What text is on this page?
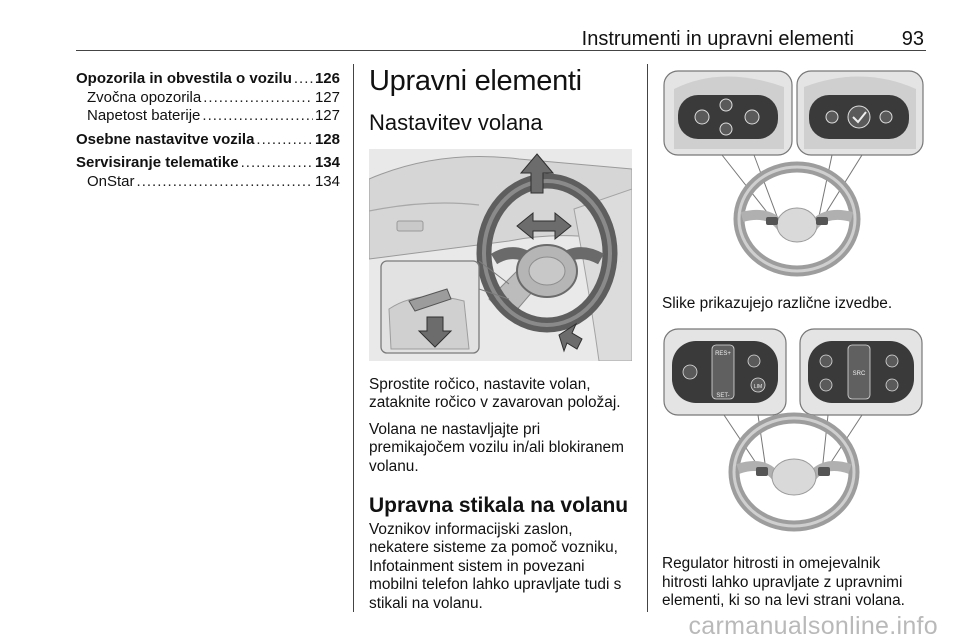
Instrumenti in upravni elementi 93
Opozorila in obvestila o vozilu ..... 126
Zvočna opozorila .....	127
Napetost baterije .....	127
Osebne nastavitve vozila .....	128
Servisiranje telematike .....	134
OnStar .....	134
Upravni elementi
Nastavitev volana

Sprostite ročico, nastavite volan,

zataknite ročico v zavarovan položaj.

Volana ne nastavljajte pri

premikajočem vozilu in/ali blokiranem

volanu.

Upravna stikala na volanu

Voznikov informacijski zaslon,

nekatere sisteme za pomoč vozniku,

Infotainment sistem in povezani

mobilni telefon lahko upravljate tudi s

stikali na volanu.

Slike prikazujejo različne izvedbe.

RES+
SET-
LIM
SRC

Regulator hitrosti in omejevalnik

hitrosti lahko upravljate z upravnimi

elementi, ki so na levi strani volana.

carmanualsonline.info
